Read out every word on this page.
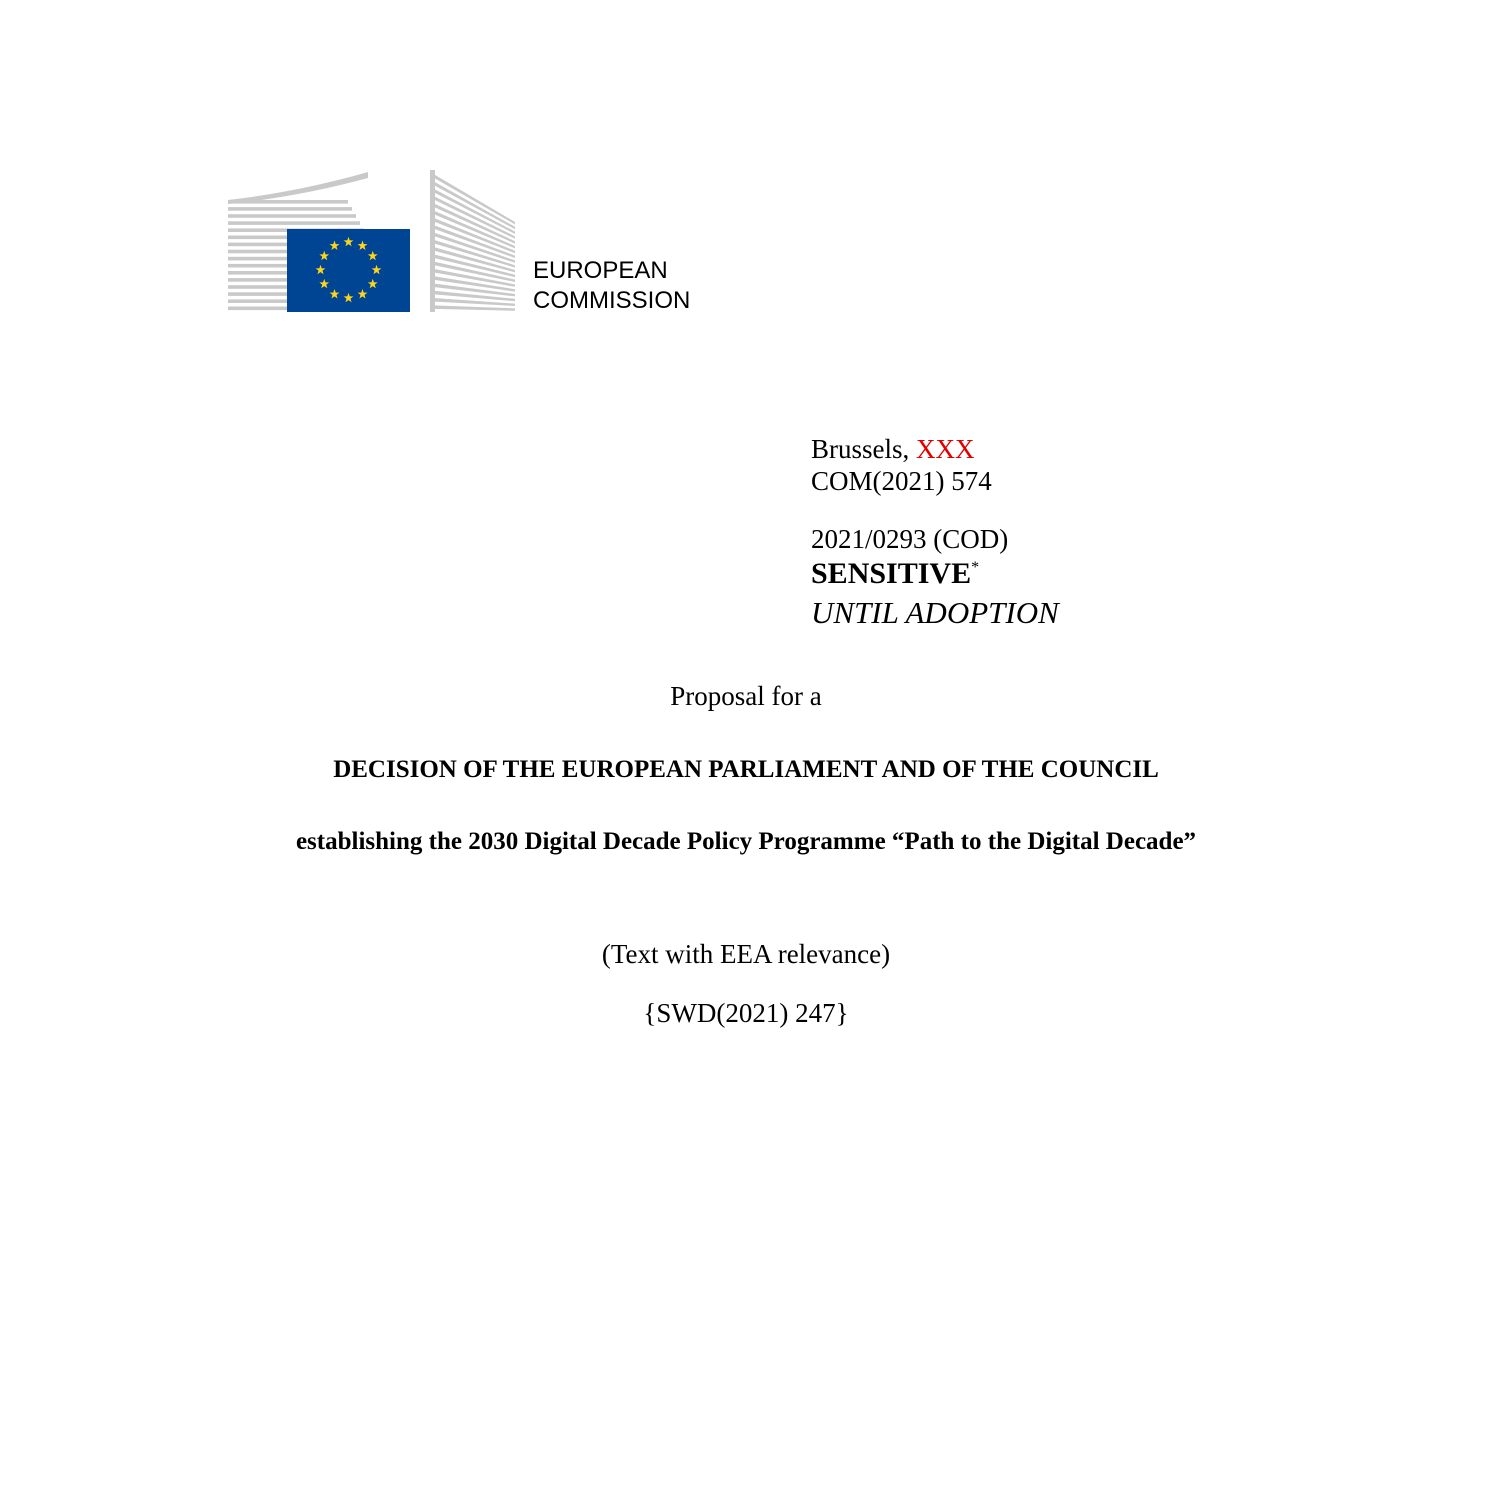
EUROPEAN
COMMISSION
Brussels, XXX
COM(2021) 574
2021/0293 (COD)
SENSITIVE*
UNTIL ADOPTION
Proposal for a
DECISION OF THE EUROPEAN PARLIAMENT AND OF THE COUNCIL
establishing the 2030 Digital Decade Policy Programme “Path to the Digital Decade”
(Text with EEA relevance)
{SWD(2021) 247}
